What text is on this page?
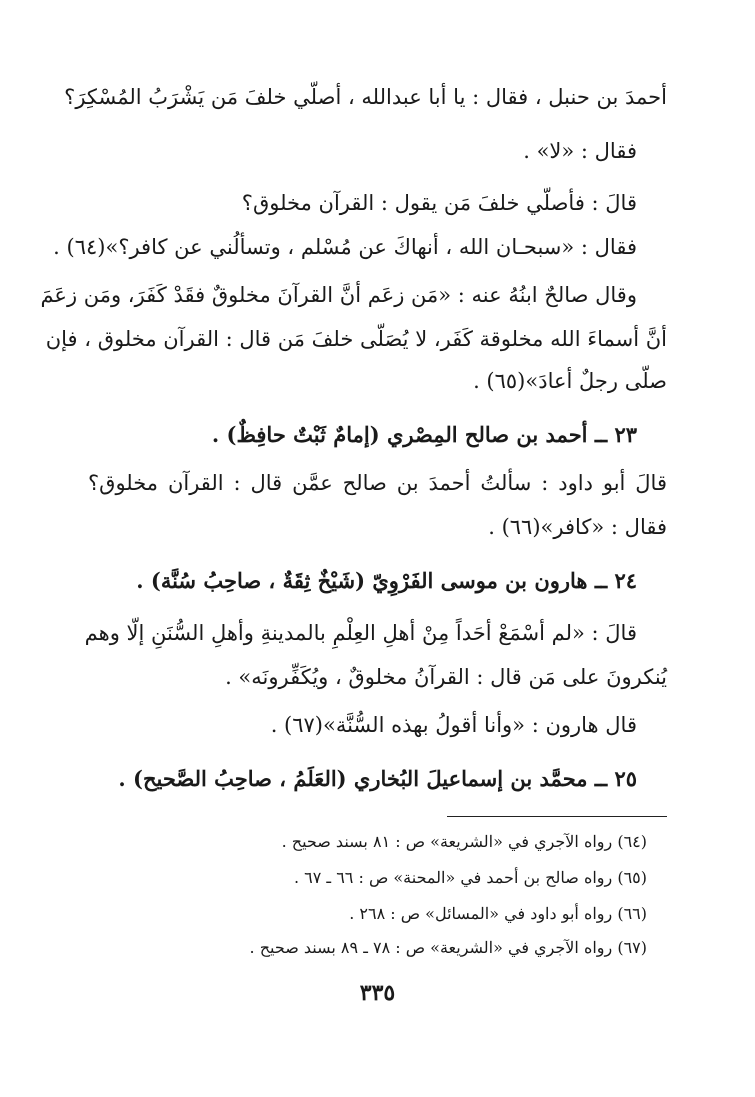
أحمدَ بن حنبل ، فقال : يا أبا عبدالله ، أصلّي خلفَ مَن يَشْرَبُ المُسْكِرَ؟
فقال : «لا» .
قالَ : فأصلّي خلفَ مَن يقول : القرآن مخلوق؟
فقال : «سبحـان الله ، أنهاكَ عن مُسْلم ، وتسألُني عن كافر؟»(٦٤) .
وقال صالحٌ ابنُهُ عنه : «مَن زعَم أنَّ القرآنَ مخلوقٌ فقَدْ كَفَرَ، ومَن زعَمَ
أنَّ أسماءَ الله مخلوقة كَفَر، لا يُصَلّى خلفَ مَن قال : القرآن مخلوق ، فإن
صلّى رجلٌ أعادَ»(٦٥) .
٢٣ ــ أحمد بن صالح المِصْري (إمامٌ ثَبْتٌ حافِظٌ) .
قالَ أبو داود : سألتُ أحمدَ بن صالح عمَّن قال : القرآن مخلوق؟
فقال : «كافر»(٦٦) .
٢٤ ــ هارون بن موسى الفَرْوِيّ (شَيْخٌ ثِقَةٌ ، صاحِبُ سُنَّة) .
قالَ : «لم أسْمَعْ أحَداً مِنْ أهلِ العِلْمِ بالمدينةِ وأهلِ السُّنَنِ إلّا وهم
يُنكرونَ على مَن قال : القرآنُ مخلوقٌ ، ويُكَفِّرونَه» .
قال هارون : «وأنا أقولُ بهذه السُّنَّة»(٦٧) .
٢٥ ــ محمَّد بن إسماعيلَ البُخاري (العَلَمُ ، صاحِبُ الصَّحيح) .
(٦٤) رواه الآجري في «الشريعة» ص : ٨١ بسند صحيح .
(٦٥) رواه صالح بن أحمد في «المحنة» ص : ٦٦ ـ ٦٧ .
(٦٦) رواه أبو داود في «المسائل» ص : ٢٦٨ .
(٦٧) رواه الآجري في «الشريعة» ص : ٧٨ ـ ٨٩ بسند صحيح .
٣٣٥
